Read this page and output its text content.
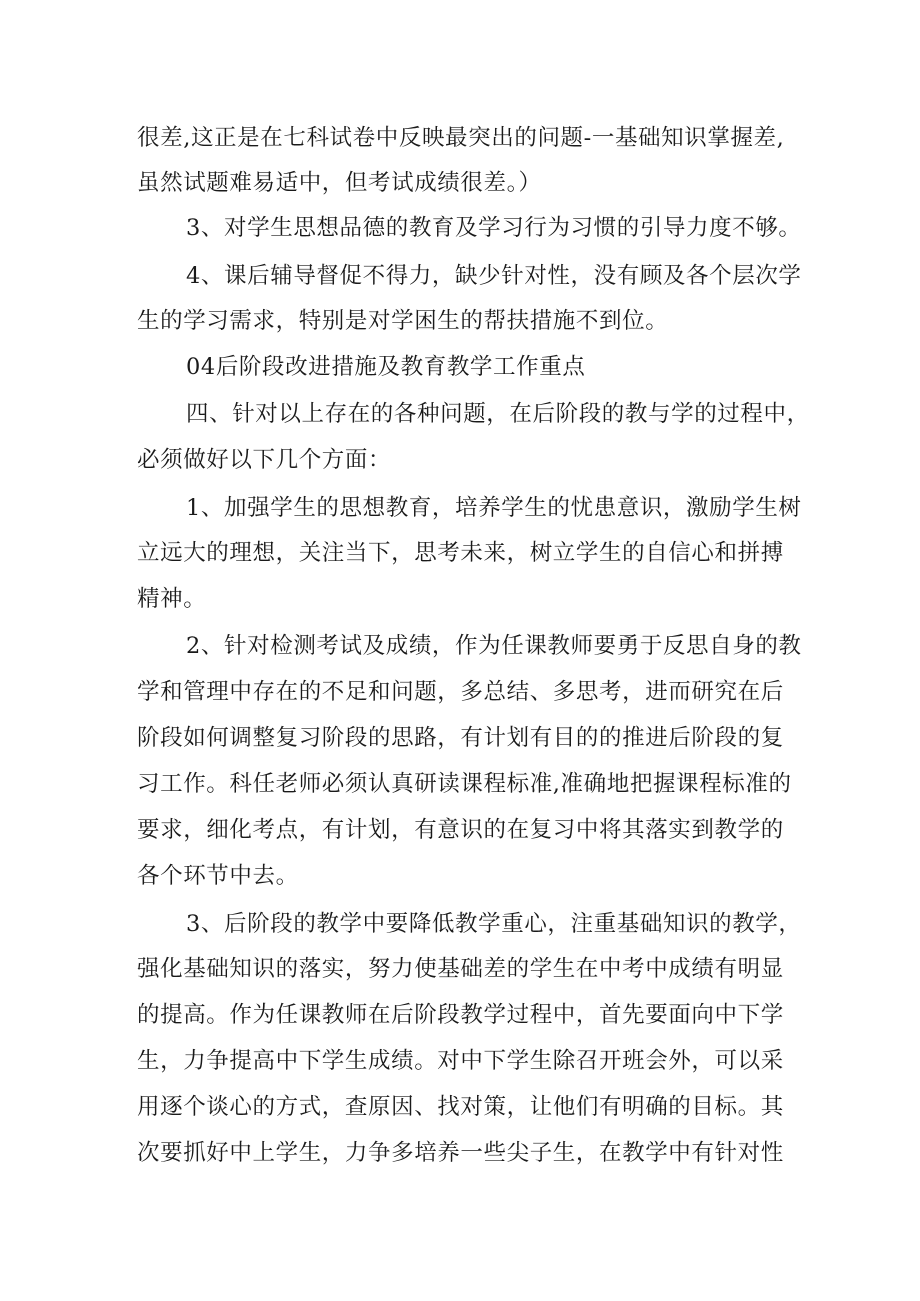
很差,这正是在七科试卷中反映最突出的问题-一基础知识掌握差,
虽然试题难易适中，但考试成绩很差。）
3、对学生思想品德的教育及学习行为习惯的引导力度不够。
4、课后辅导督促不得力，缺少针对性，没有顾及各个层次学
生的学习需求，特别是对学困生的帮扶措施不到位。
04后阶段改进措施及教育教学工作重点
四、针对以上存在的各种问题，在后阶段的教与学的过程中，
必须做好以下几个方面：
1、加强学生的思想教育，培养学生的忧患意识，激励学生树
立远大的理想，关注当下，思考未来，树立学生的自信心和拼搏
精神。
2、针对检测考试及成绩，作为任课教师要勇于反思自身的教
学和管理中存在的不足和问题，多总结、多思考，进而研究在后
阶段如何调整复习阶段的思路，有计划有目的的推进后阶段的复
习工作。科任老师必须认真研读课程标准,准确地把握课程标准的
要求，细化考点，有计划，有意识的在复习中将其落实到教学的
各个环节中去。
3、后阶段的教学中要降低教学重心，注重基础知识的教学，
强化基础知识的落实，努力使基础差的学生在中考中成绩有明显
的提高。作为任课教师在后阶段教学过程中，首先要面向中下学
生，力争提高中下学生成绩。对中下学生除召开班会外，可以采
用逐个谈心的方式，查原因、找对策，让他们有明确的目标。其
次要抓好中上学生，力争多培养一些尖子生，在教学中有针对性
